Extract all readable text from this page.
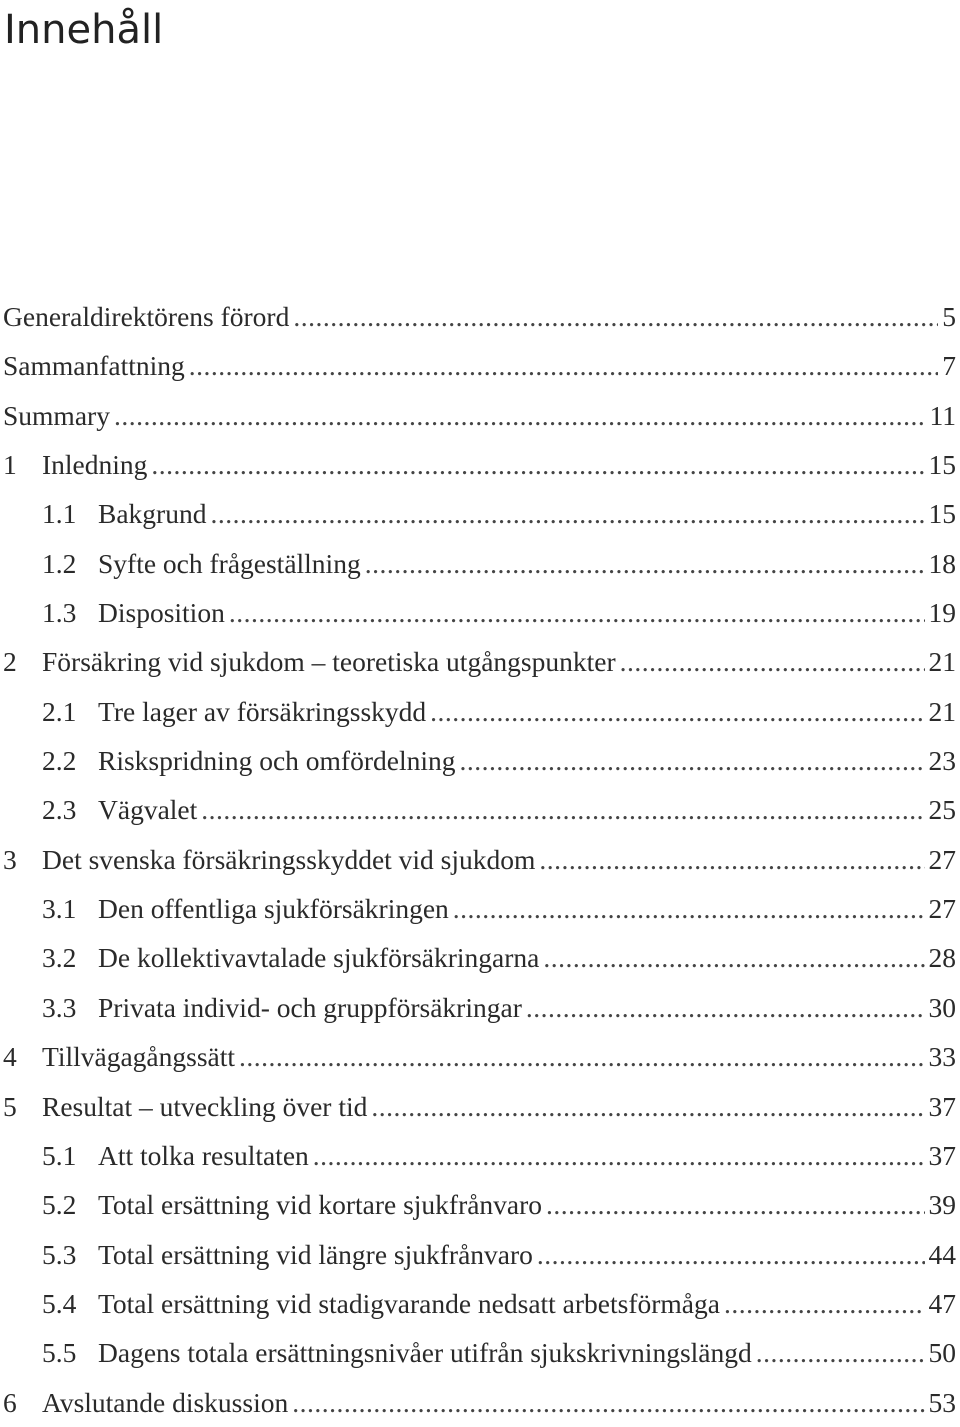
Innehåll
Generaldirektörens förord .....	5
Sammanfattning .....	7
Summary .....	11
1 Inledning .....	15
1.1 Bakgrund .....	15
1.2 Syfte och frågeställning .....	18
1.3 Disposition .....	19
2 Försäkring vid sjukdom – teoretiska utgångspunkter .....	21
2.1 Tre lager av försäkringsskydd .....	21
2.2 Riskspridning och omfördelning .....	23
2.3 Vägvalet .....	25
3 Det svenska försäkringsskyddet vid sjukdom .....	27
3.1 Den offentliga sjukförsäkringen .....	27
3.2 De kollektivavtalade sjukförsäkringarna .....	28
3.3 Privata individ- och gruppförsäkringar .....	30
4 Tillvägagångssätt .....	33
5 Resultat – utveckling över tid .....	37
5.1 Att tolka resultaten .....	37
5.2 Total ersättning vid kortare sjukfrånvaro .....	39
5.3 Total ersättning vid längre sjukfrånvaro .....	44
5.4 Total ersättning vid stadigvarande nedsatt arbetsförmåga .....	47
5.5 Dagens totala ersättningsnivåer utifrån sjukskrivningslängd .....	50
6 Avslutande diskussion .....	53
